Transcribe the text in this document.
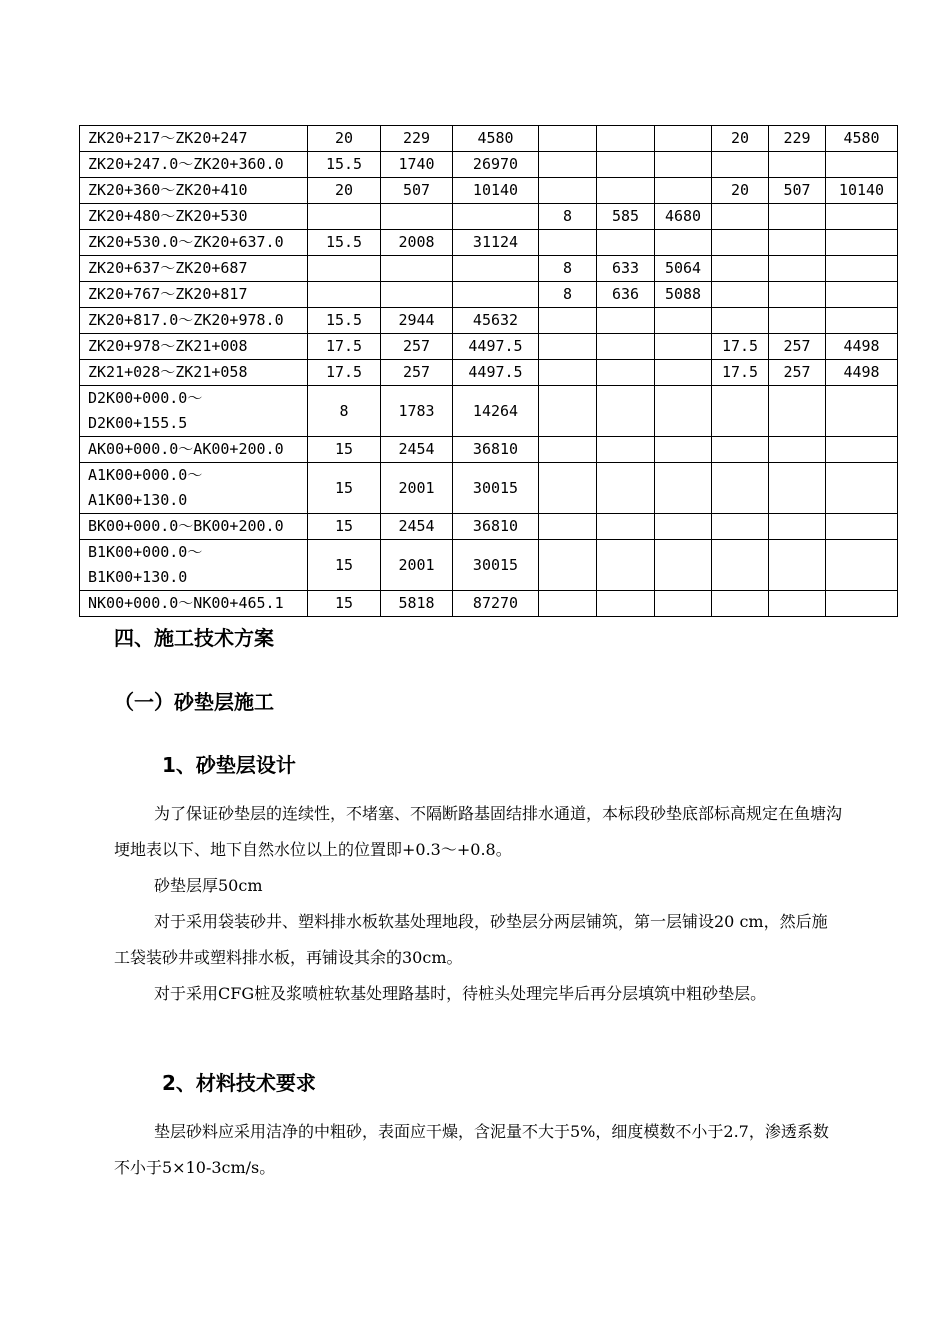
ZK20+217～ZK20+247	20	229	4580				20	229	4580
ZK20+247.0～ZK20+360.0	15.5	1740	26970						
ZK20+360～ZK20+410	20	507	10140				20	507	10140
ZK20+480～ZK20+530				8	585	4680			
ZK20+530.0～ZK20+637.0	15.5	2008	31124						
ZK20+637～ZK20+687				8	633	5064			
ZK20+767～ZK20+817				8	636	5088			
ZK20+817.0～ZK20+978.0	15.5	2944	45632						
ZK20+978～ZK21+008	17.5	257	4497.5				17.5	257	4498
ZK21+028～ZK21+058	17.5	257	4497.5				17.5	257	4498
D2K00+000.0～ D2K00+155.5	8	1783	14264						
AK00+000.0～AK00+200.0	15	2454	36810						
A1K00+000.0～ A1K00+130.0	15	2001	30015						
BK00+000.0～BK00+200.0	15	2454	36810						
B1K00+000.0～ B1K00+130.0	15	2001	30015						
NK00+000.0～NK00+465.1	15	5818	87270						
四、施工技术方案
（一）砂垫层施工
1、砂垫层设计

为了保证砂垫层的连续性，不堵塞、不隔断路基固结排水通道，本标段砂垫底部标高规定在鱼塘沟埂地表以下、地下自然水位以上的位置即+0.3～+0.8。

砂垫层厚50cm

对于采用袋装砂井、塑料排水板软基处理地段，砂垫层分两层铺筑，第一层铺设20 cm，然后施工袋装砂井或塑料排水板，再铺设其余的30cm。

对于采用CFG桩及浆喷桩软基处理路基时，待桩头处理完毕后再分层填筑中粗砂垫层。

2、材料技术要求

垫层砂料应采用洁净的中粗砂，表面应干燥，含泥量不大于5%，细度模数不小于2.7，渗透系数不小于5×10-3cm/s。
